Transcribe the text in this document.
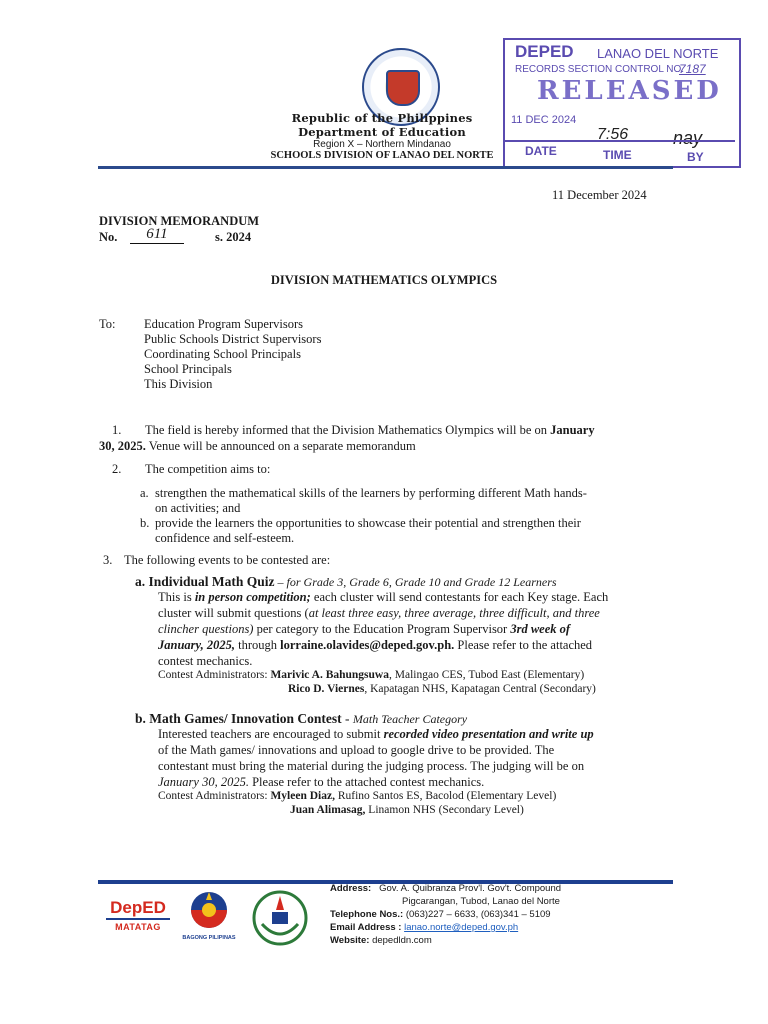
Republic of the Philippines
Department of Education
Region X – Northern Mindanao
SCHOOLS DIVISION OF LANAO DEL NORTE
DEPED LANAO DEL NORTE
RECORDS SECTION CONTROL NO.
7187
RELEASED
11 DEC 2024
7:56 nay
DATE	TIME	BY
11 December 2024
DIVISION MEMORANDUM
No.	611	s. 2024
DIVISION MATHEMATICS OLYMPICS
To: Education Program Supervisors
Public Schools District Supervisors
Coordinating School Principals
School Principals
This Division
1. The field is hereby informed that the Division Mathematics Olympics will be on January
30, 2025. Venue will be announced on a separate memorandum
2. The competition aims to:
a. strengthen the mathematical skills of the learners by performing different Math hands-
on activities; and
b. provide the learners the opportunities to showcase their potential and strengthen their
confidence and self-esteem.
3. The following events to be contested are:
a. Individual Math Quiz – for Grade 3, Grade 6, Grade 10 and Grade 12 Learners
This is in person competition; each cluster will send contestants for each Key stage. Each
cluster will submit questions (at least three easy, three average, three difficult, and three
clincher questions) per category to the Education Program Supervisor 3rd week of
January, 2025, through lorraine.olavides@deped.gov.ph. Please refer to the attached
contest mechanics.
Contest Administrators: Marivic A. Bahungsuwa, Malingao CES, Tubod East (Elementary)
Rico D. Viernes, Kapatagan NHS, Kapatagan Central (Secondary)
b. Math Games/ Innovation Contest - Math Teacher Category
Interested teachers are encouraged to submit recorded video presentation and write up
of the Math games/ innovations and upload to google drive to be provided. The
contestant must bring the material during the judging process. The judging will be on
January 30, 2025. Please refer to the attached contest mechanics.
Contest Administrators: Myleen Diaz, Rufino Santos ES, Bacolod (Elementary Level)
Juan Alimasag, Linamon NHS (Secondary Level)
DepED
MATATAG
BAGONG PILIPINAS
Address: Gov. A. Quibranza Prov'l. Gov't. Compound
Pigcarangan, Tubod, Lanao del Norte
Telephone Nos.: (063)227 – 6633, (063)341 – 5109
Email Address : lanao.norte@deped.gov.ph
Website: depedldn.com
